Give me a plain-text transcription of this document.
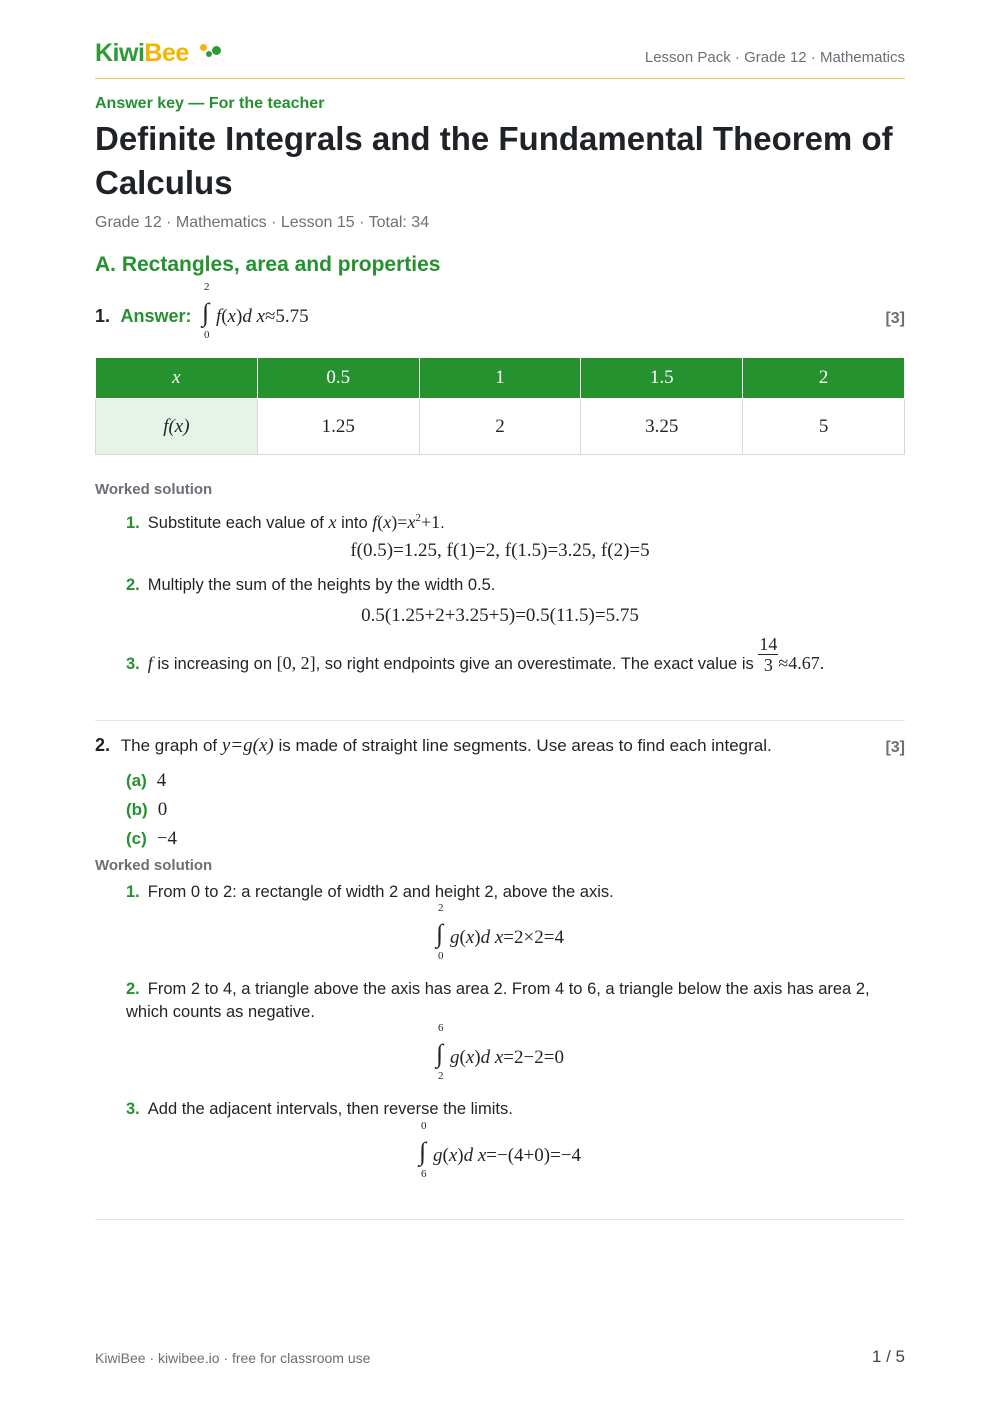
KiwiBee	Lesson Pack · Grade 12 · Mathematics
Answer key — For the teacher
Definite Integrals and the Fundamental Theorem of Calculus
Grade 12 · Mathematics · Lesson 15 · Total: 34
A. Rectangles, area and properties
1. Answer: ∫
2
0
f(x)d x≈5.75	[3]
x	0.5	1	1.5	2
f(x)	1.25	2	3.25	5
Worked solution
1. Substitute each value of x into $f(x)=x^2+1$.
f(0.5)=1.25, f(1)=2, f(1.5)=3.25, f(2)=5
2. Multiply the sum of the heights by the width 0.5.
0.5(1.25+2+3.25+5)=0.5(11.5)=5.75
3. f is increasing on [0, 2], so right endpoints give an overestimate. The exact value is $\frac{14}{3} \approx 4.67$.
2. The graph of y=g(x) is made of straight line segments. Use areas to find each integral.	[3]
(a) 4
(b) 0
(c) −4
Worked solution
1. From 0 to 2: a rectangle of width 2 and height 2, above the axis.
∫
2
0
g(x)d x=2×2=4
2. From 2 to 4, a triangle above the axis has area 2. From 4 to 6, a triangle below the axis has area 2, which counts as negative.
∫
6
2
g(x)d x=2−2=0
3. Add the adjacent intervals, then reverse the limits.
∫
0
6
g(x)d x=−(4+0)=−4
KiwiBee · kiwibee.io · free for classroom use	1 / 5
